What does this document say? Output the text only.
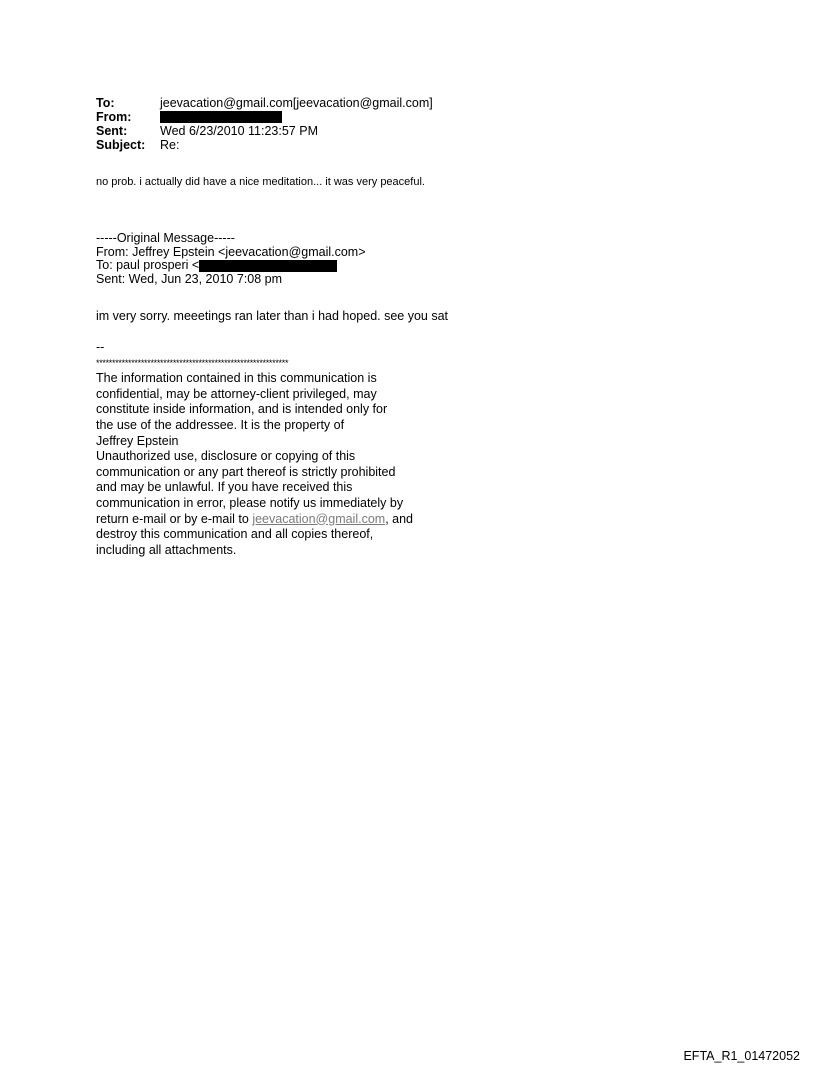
To:	jeevacation@gmail.com[jeevacation@gmail.com]
From:
Sent:	Wed 6/23/2010 11:23:57 PM
Subject:	Re:
no prob. i actually did have a nice meditation... it was very peaceful.
-----Original Message-----
From: Jeffrey Epstein <jeevacation@gmail.com>
To: paul prosperi <
Sent: Wed, Jun 23, 2010 7:08 pm
im very sorry. meeetings ran later than i had hoped. see you sat
--
************************************************************
The information contained in this communication is
confidential, may be attorney-client privileged, may
constitute inside information, and is intended only for
the use of the addressee. It is the property of
Jeffrey Epstein
Unauthorized use, disclosure or copying of this
communication or any part thereof is strictly prohibited
and may be unlawful. If you have received this
communication in error, please notify us immediately by
return e-mail or by e-mail to
jeevacation@gmail.com , and
destroy this communication and all copies thereof,
including all attachments.
EFTA_R1_01472052
